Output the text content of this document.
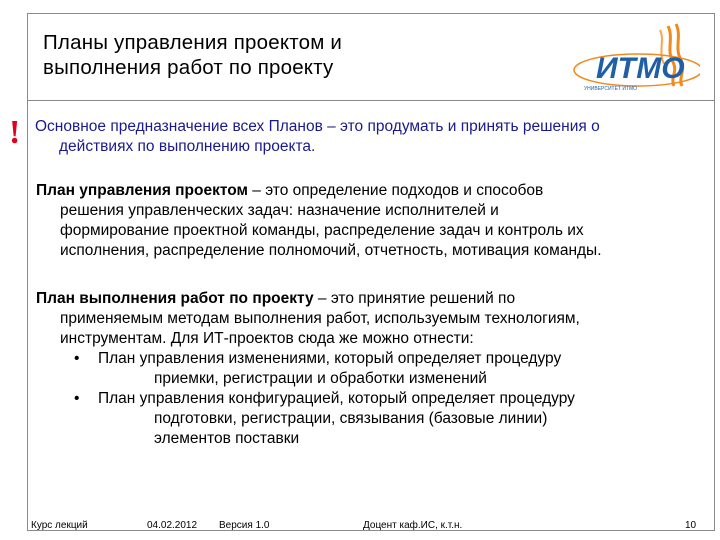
Планы управления проектом и
выполнения работ по проекту	ИТМО
УНИВЕРСИТЕТ ИТМО
! Основное предназначение всех Планов – это продумать и принять решения о
действиях по выполнению проекта.
План управления проектом – это определение подходов и способов
решения управленческих задач: назначение исполнителей и
формирование проектной команды, распределение задач и контроль их
исполнения, распределение полномочий, отчетность, мотивация команды.
План выполнения работ по проекту – это принятие решений по
применяемым методам выполнения работ, используемым технологиям,
инструментам. Для ИТ-проектов сюда же можно отнести:
• План управления изменениями, который определяет процедуру
приемки, регистрации и обработки изменений
• План управления конфигурацией, который определяет процедуру
подготовки, регистрации, связывания (базовые линии)
элементов поставки
Курс лекций	04.02.2012 Версия 1.0	Доцент каф.ИС, к.т.н.	10
